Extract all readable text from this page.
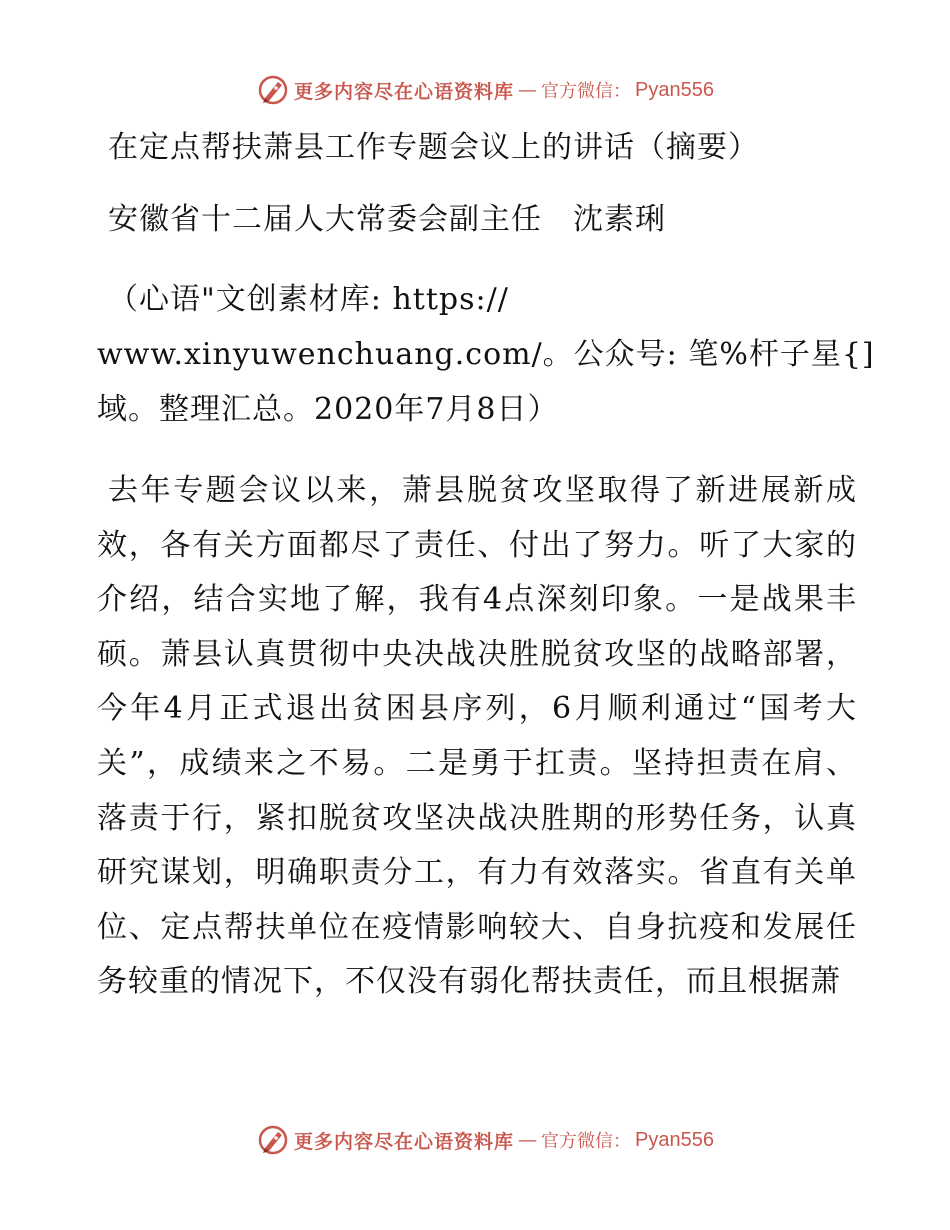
更多内容尽在心语资料库 — 官方微信： Pyan556

在定点帮扶萧县工作专题会议上的讲话（摘要）

安徽省十二届人大常委会副主任　沈素琍

（心语"文创素材库: https://

www.xinyuwenchuang.com/。公众号: 笔%杆子星{]

域。整理汇总。2020年7月8日）

去年专题会议以来，萧县脱贫攻坚取得了新进展新成效，各有关方面都尽了责任、付出了努力。听了大家的介绍，结合实地了解，我有4点深刻印象。一是战果丰硕。萧县认真贯彻中央决战决胜脱贫攻坚的战略部署，今年4月正式退出贫困县序列，6月顺利通过“国考大关”，成绩来之不易。二是勇于扛责。坚持担责在肩、落责于行，紧扣脱贫攻坚决战决胜期的形势任务，认真研究谋划，明确职责分工，有力有效落实。省直有关单位、定点帮扶单位在疫情影响较大、自身抗疫和发展任务较重的情况下，不仅没有弱化帮扶责任，而且根据萧

更多内容尽在心语资料库 — 官方微信： Pyan556
